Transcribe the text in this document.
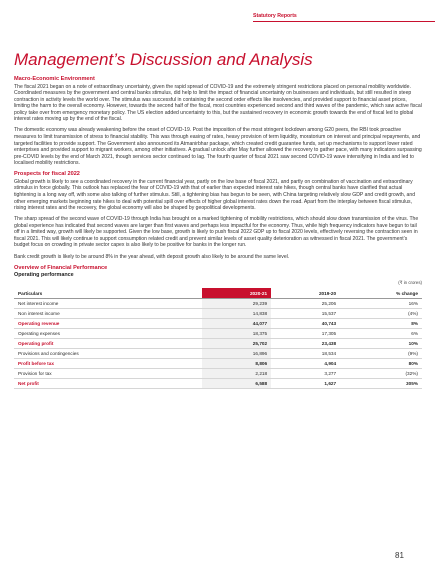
Statutory Reports
Management’s Discussion and Analysis
Macro-Economic Environment
The fiscal 2021 began on a note of extraordinary uncertainty, given the rapid spread of COVID-19 and the extremely stringent restrictions placed on personal mobility worldwide. Coordinated measures by the government and central banks stimulus, did help to limit the impact of financial uncertainty on businesses and individuals, but still resulted in steep contraction in activity levels the world over. The stimulus was successful in containing the second order effects like insolvencies, and provided support to financial asset prices, limiting the harm to the overall economy. However, towards the second half of the fiscal, most countries experienced second and third waves of the pandemic, which saw active fiscal policy take over from emergency monetary policy. The US election added uncertainty to this, but the sustained recovery in economic growth towards the end of fiscal led to global interest rates moving up by the end of the fiscal.
The domestic economy was already weakening before the onset of COVID-19. Post the imposition of the most stringent lockdown among G20 peers, the RBI took proactive measures to limit transmission of stress to financial stability. This was through easing of rates, heavy provision of term liquidity, moratorium on interest and principal repayments, and targeted facilities to provide support. The Government also announced its Atmanirbhar package, which created credit guarantee funds, set up mechanisms to support lower rated enterprises and provided support to migrant workers, among other initiatives. A gradual unlock after May further allowed the recovery to gather pace, with many indicators surpassing pre-COVID levels by the end of March 2021, though services sector continued to lag. The fourth quarter of fiscal 2021 saw second COVID-19 wave intensifying in India and led to localised mobility restrictions.
Prospects for fiscal 2022
Global growth is likely to see a coordinated recovery in the current financial year, partly on the low base of fiscal 2021, and partly on combination of vaccination and extraordinary stimulus in force globally. This outlook has replaced the fear of COVID-19 with that of earlier than expected interest rate hikes, though central banks have clarified that actual tightening is a long way off, with some also talking of further stimulus. Still, a tightening bias has begun to be seen, with China targeting relatively slow GDP and credit growth, and other emerging markets beginning rate hikes to deal with potential spill over effects of higher global interest rates down the road. Apart from the interplay between fiscal stimulus, rising interest rates and the recovery, the global economy will also be shaped by geopolitical developments.
The sharp spread of the second wave of COVID-19 through India has brought on a marked tightening of mobility restrictions, which should slow down transmission of the virus. The global experience has indicated that second waves are larger than first waves and perhaps less impactful for the economy. Thus, while high frequency indicators have begun to tail off in a limited way, growth will likely be supported. Given the low base, growth is likely to push fiscal 2022 GDP up to fiscal 2020 levels, effectively reversing the contraction seen in fiscal 2021. This will likely continue to support consumption related credit and prevent similar levels of asset quality deterioration as witnessed in fiscal 2021. The government’s budget focus on crowding in private sector capex is also likely to be positive for banks in the longer run.
Bank credit growth is likely to be around 8% in the year ahead, with deposit growth also likely to be around the same level.
Overview of Financial Performance
Operating performance
(₹ in crores)
Particulars	2020-21	2019-20	% change
Net interest income	29,239	25,206	16%
Non interest income	14,838	15,537	(4%)
Operating revenue	44,077	40,743	8%
Operating expenses	18,375	17,305	6%
Operating profit	25,702	23,438	10%
Provisions and contingencies	16,896	18,534	(9%)
Profit before tax	8,806	4,904	80%
Provision for tax	2,218	3,277	(32%)
Net profit	6,588	1,627	305%
81
